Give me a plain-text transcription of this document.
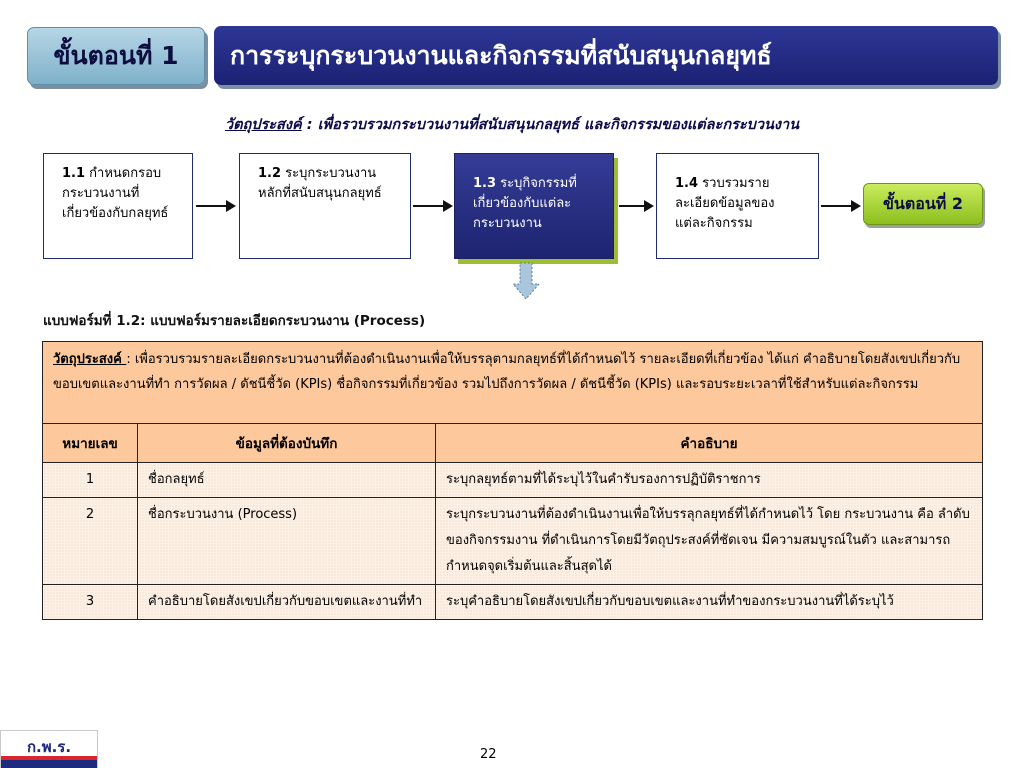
ขั้นตอนที่ 1 การระบุกระบวนงานและกิจกรรมที่สนับสนุนกลยุทธ์
วัตถุประสงค์ : เพื่อรวบรวมกระบวนงานที่สนับสนุนกลยุทธ์ และกิจกรรมของแต่ละกระบวนงาน
1.1 กำหนดกรอบกระบวนงานที่เกี่ยวข้องกับกลยุทธ์
1.2 ระบุกระบวนงานหลักที่สนับสนุนกลยุทธ์
1.3 ระบุกิจกรรมที่เกี่ยวข้องกับแต่ละกระบวนงาน
1.4 รวบรวมรายละเอียดข้อมูลของแต่ละกิจกรรม
ขั้นตอนที่ 2
แบบฟอร์มที่ 1.2: แบบฟอร์มรายละเอียดกระบวนงาน (Process)
วัตถุประสงค์ : เพื่อรวบรวมรายละเอียดกระบวนงานที่ต้องดำเนินงานเพื่อให้บรรลุตามกลยุทธ์ที่ได้กำหนดไว้ รายละเอียดที่เกี่ยวข้อง ได้แก่ คำอธิบายโดยสังเขปเกี่ยวกับขอบเขตและงานที่ทำ การวัดผล / ดัชนีชี้วัด (KPIs) ชื่อกิจกรรมที่เกี่ยวข้อง รวมไปถึงการวัดผล / ดัชนีชี้วัด (KPIs) และรอบระยะเวลาที่ใช้สำหรับแต่ละกิจกรรม		
หมายเลข	ข้อมูลที่ต้องบันทึก	คำอธิบาย
1	ชื่อกลยุทธ์	ระบุกลยุทธ์ตามที่ได้ระบุไว้ในคำรับรองการปฏิบัติราชการ
2	ชื่อกระบวนงาน (Process)	ระบุกระบวนงานที่ต้องดำเนินงานเพื่อให้บรรลุกลยุทธ์ที่ได้กำหนดไว้ โดย กระบวนงาน คือ ลำดับของกิจกรรมงาน ที่ดำเนินการโดยมีวัตถุประสงค์ที่ชัดเจน มีความสมบูรณ์ในตัว และสามารถกำหนดจุดเริ่มต้นและสิ้นสุดได้
3	คำอธิบายโดยสังเขปเกี่ยวกับขอบเขตและงานที่ทำ	ระบุคำอธิบายโดยสังเขปเกี่ยวกับขอบเขตและงานที่ทำของกระบวนงานที่ได้ระบุไว้
ก.พ.ร.	22
